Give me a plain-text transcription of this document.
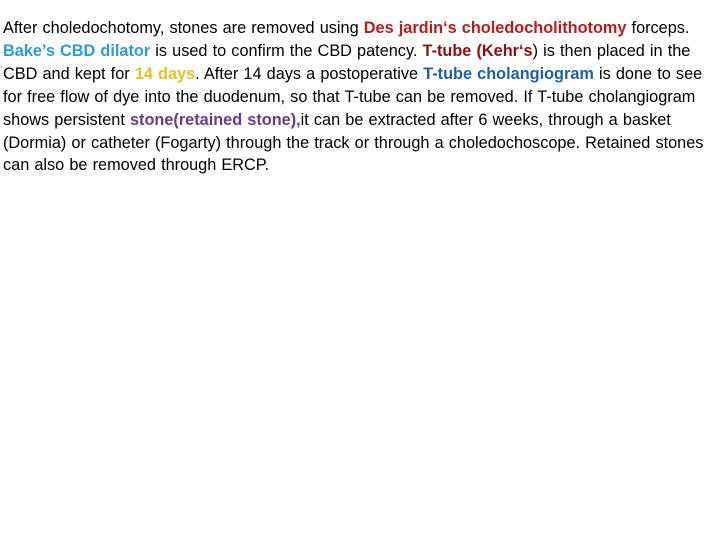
After choledochotomy, stones are removed using Des jardin‘s choledocholithotomy forceps. Bake’s CBD dilator is used to confirm the CBD patency. T-tube (Kehr‘s) is then placed in the CBD and kept for 14 days. After 14 days a postoperative T-tube cholangiogram is done to see for free flow of dye into the duodenum, so that T-tube can be removed. If T-tube cholangiogram shows persistent stone(retained stone),it can be extracted after 6 weeks, through a basket (Dormia) or catheter (Fogarty) through the track or through a choledochoscope. Retained stones can also be removed through ERCP.
